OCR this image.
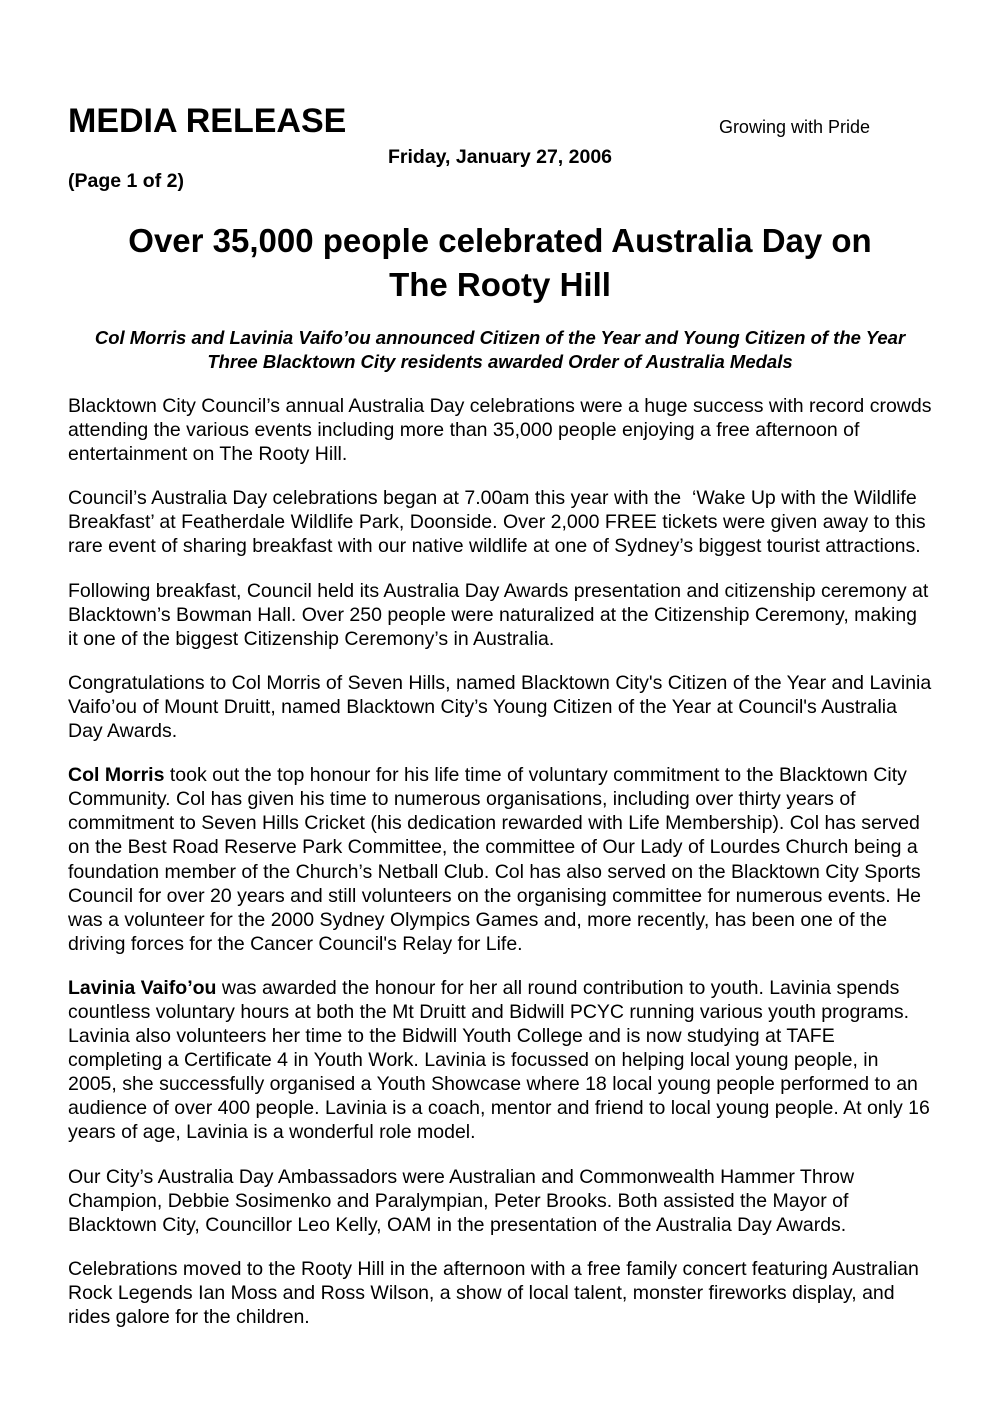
MEDIA RELEASE	Growing with Pride
Friday, January 27, 2006
(Page 1 of 2)
Over 35,000 people celebrated Australia Day on
The Rooty Hill
Col Morris and Lavinia Vaifo’ou announced Citizen of the Year and Young Citizen of the Year
Three Blacktown City residents awarded Order of Australia Medals

Blacktown City Council’s annual Australia Day celebrations were a huge success with record crowds attending the various events including more than 35,000 people enjoying a free afternoon of entertainment on The Rooty Hill.

Council’s Australia Day celebrations began at 7.00am this year with the  ‘Wake Up with the Wildlife Breakfast’ at Featherdale Wildlife Park, Doonside. Over 2,000 FREE tickets were given away to this rare event of sharing breakfast with our native wildlife at one of Sydney’s biggest tourist attractions.

Following breakfast, Council held its Australia Day Awards presentation and citizenship ceremony at Blacktown’s Bowman Hall. Over 250 people were naturalized at the Citizenship Ceremony, making it one of the biggest Citizenship Ceremony’s in Australia.

Congratulations to Col Morris of Seven Hills, named Blacktown City's Citizen of the Year and Lavinia Vaifo’ou of Mount Druitt, named Blacktown City’s Young Citizen of the Year at Council's Australia Day Awards.

Col Morris took out the top honour for his life time of voluntary commitment to the Blacktown City Community. Col has given his time to numerous organisations, including over thirty years of commitment to Seven Hills Cricket (his dedication rewarded with Life Membership). Col has served on the Best Road Reserve Park Committee, the committee of Our Lady of Lourdes Church being a foundation member of the Church’s Netball Club. Col has also served on the Blacktown City Sports Council for over 20 years and still volunteers on the organising committee for numerous events. He was a volunteer for the 2000 Sydney Olympics Games and, more recently, has been one of the driving forces for the Cancer Council's Relay for Life.

Lavinia Vaifo’ou was awarded the honour for her all round contribution to youth. Lavinia spends countless voluntary hours at both the Mt Druitt and Bidwill PCYC running various youth programs. Lavinia also volunteers her time to the Bidwill Youth College and is now studying at TAFE completing a Certificate 4 in Youth Work. Lavinia is focussed on helping local young people, in 2005, she successfully organised a Youth Showcase where 18 local young people performed to an audience of over 400 people. Lavinia is a coach, mentor and friend to local young people. At only 16 years of age, Lavinia is a wonderful role model.

Our City’s Australia Day Ambassadors were Australian and Commonwealth Hammer Throw Champion, Debbie Sosimenko and Paralympian, Peter Brooks. Both assisted the Mayor of Blacktown City, Councillor Leo Kelly, OAM in the presentation of the Australia Day Awards.

Celebrations moved to the Rooty Hill in the afternoon with a free family concert featuring Australian Rock Legends Ian Moss and Ross Wilson, a show of local talent, monster fireworks display, and rides galore for the children.
